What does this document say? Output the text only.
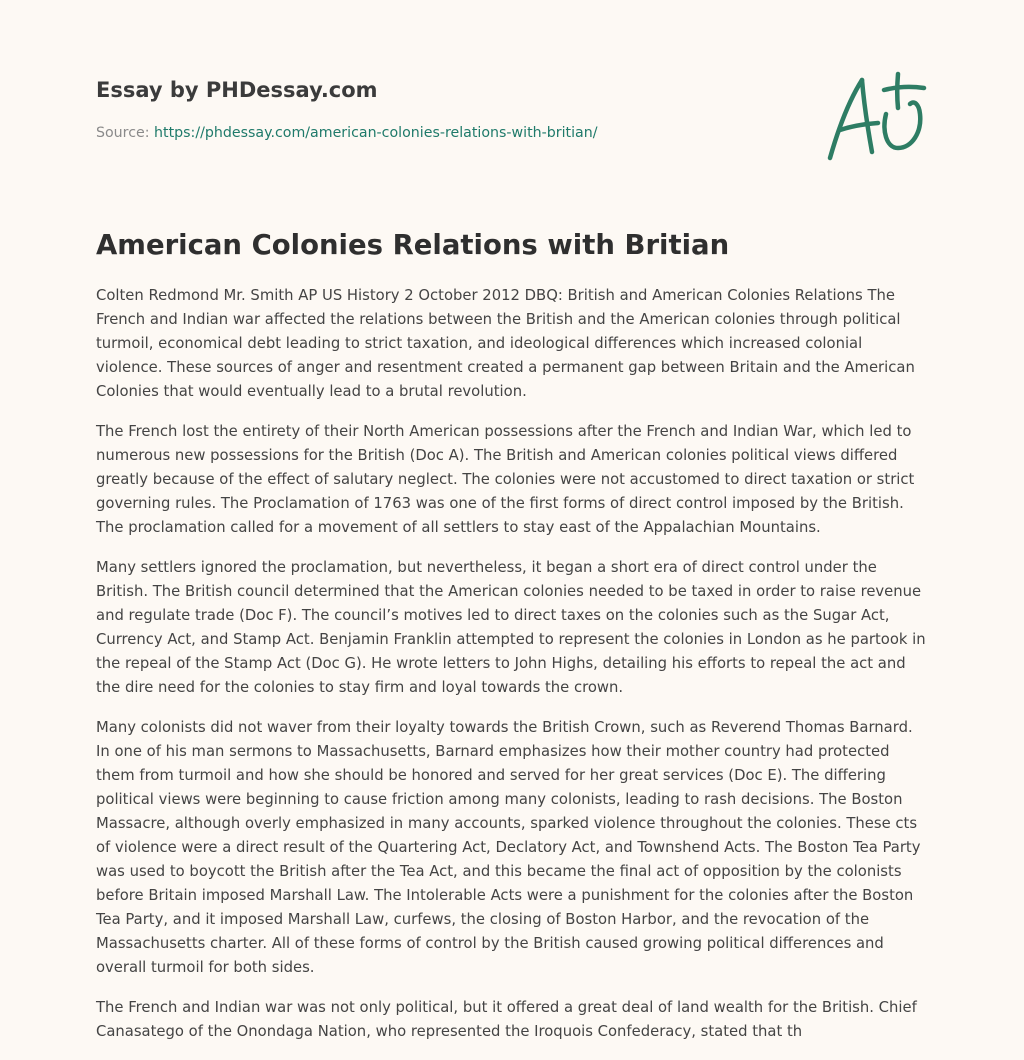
Essay by PHDessay.com
Source: https://phdessay.com/american-colonies-relations-with-britian/
American Colonies Relations with Britian

Colten Redmond Mr. Smith AP US History 2 October 2012 DBQ: British and American Colonies Relations The French and Indian war affected the relations between the British and the American colonies through political turmoil, economical debt leading to strict taxation, and ideological differences which increased colonial violence. These sources of anger and resentment created a permanent gap between Britain and the American Colonies that would eventually lead to a brutal revolution.

The French lost the entirety of their North American possessions after the French and Indian War, which led to numerous new possessions for the British (Doc A). The British and American colonies political views differed greatly because of the effect of salutary neglect. The colonies were not accustomed to direct taxation or strict governing rules. The Proclamation of 1763 was one of the first forms of direct control imposed by the British. The proclamation called for a movement of all settlers to stay east of the Appalachian Mountains.

Many settlers ignored the proclamation, but nevertheless, it began a short era of direct control under the British. The British council determined that the American colonies needed to be taxed in order to raise revenue and regulate trade (Doc F). The council’s motives led to direct taxes on the colonies such as the Sugar Act, Currency Act, and Stamp Act. Benjamin Franklin attempted to represent the colonies in London as he partook in the repeal of the Stamp Act (Doc G). He wrote letters to John Highs, detailing his efforts to repeal the act and the dire need for the colonies to stay firm and loyal towards the crown.

Many colonists did not waver from their loyalty towards the British Crown, such as Reverend Thomas Barnard. In one of his man sermons to Massachusetts, Barnard emphasizes how their mother country had protected them from turmoil and how she should be honored and served for her great services (Doc E). The differing political views were beginning to cause friction among many colonists, leading to rash decisions. The Boston Massacre, although overly emphasized in many accounts, sparked violence throughout the colonies. These cts of violence were a direct result of the Quartering Act, Declatory Act, and Townshend Acts. The Boston Tea Party was used to boycott the British after the Tea Act, and this became the final act of opposition by the colonists before Britain imposed Marshall Law. The Intolerable Acts were a punishment for the colonies after the Boston Tea Party, and it imposed Marshall Law, curfews, the closing of Boston Harbor, and the revocation of the Massachusetts charter. All of these forms of control by the British caused growing political differences and overall turmoil for both sides.

The French and Indian war was not only political, but it offered a great deal of land wealth for the British. Chief Canasatego of the Onondaga Nation, who represented the Iroquois Confederacy, stated that th
